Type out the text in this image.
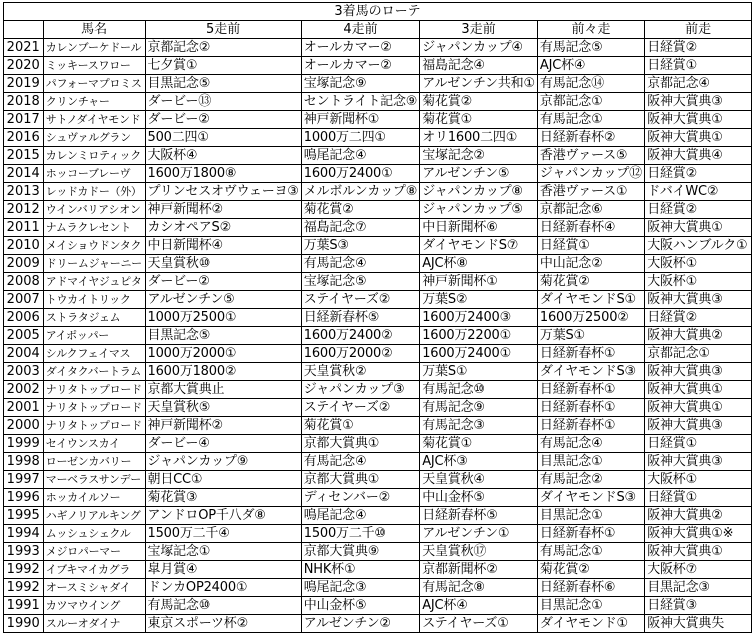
3着馬のローテ						
	馬名	5走前	4走前	3走前	前々走	前走
2021	カレンブーケドール	京都記念②	オールカマー②	ジャパンカップ④	有馬記念⑤	日経賞②
2020	ミッキースワロー	七夕賞①	オールカマー②	福島記念④	AJC杯④	日経賞①
2019	パフォーマプロミス	目黒記念⑤	宝塚記念⑨	アルゼンチン共和①	有馬記念⑭	京都記念④
2018	クリンチャー	ダービー⑬	セントライト記念⑨	菊花賞②	京都記念①	阪神大賞典③
2017	サトノダイヤモンド	ダービー②	神戸新聞杯①	菊花賞①	有馬記念①	阪神大賞典①
2016	シュヴァルグラン	500二四①	1000万二四①	オリ1600二四①	日経新春杯②	阪神大賞典①
2015	カレンミロティック	大阪杯④	鳴尾記念④	宝塚記念②	香港ヴァース⑤	阪神大賞典④
2014	ホッコーブレーヴ	1600万1800⑧	1600万2400①	アルゼンチン⑤	ジャパンカップ⑫	日経賞②
2013	レッドカドー（外）	プリンセスオヴウェーヨ③	メルボルンカップ⑧	ジャパンカップ⑧	香港ヴァース①	ドバイWC②
2012	ウインバリアシオン	神戸新聞杯②	菊花賞②	ジャパンカップ⑤	京都記念⑥	日経賞②
2011	ナムラクレセント	カシオペアS②	福島記念⑦	中日新聞杯⑥	日経新春杯④	阪神大賞典①
2010	メイショウドンタク	中日新聞杯④	万葉S③	ダイヤモンドS⑦	日経賞①	大阪ハンブルク①
2009	ドリームジャーニー	天皇賞秋⑩	有馬記念④	AJC杯⑧	中山記念②	大阪杯①
2008	アドマイヤジュピタ	ダービー②	宝塚記念⑤	神戸新聞杯①	菊花賞②	大阪杯①
2007	トウカイトリック	アルゼンチン⑤	ステイヤーズ②	万葉S②	ダイヤモンドS①	阪神大賞典③
2006	ストラタジェム	1000万2500①	日経新春杯⑤	1600万2400③	1600万2500②	日経賞②
2005	アイポッパー	目黒記念⑤	1600万2400②	1600万2200①	万葉S①	阪神大賞典②
2004	シルクフェイマス	1000万2000①	1600万2000②	1600万2400①	日経新春杯①	京都記念①
2003	ダイタクバートラム	1600万1800②	天皇賞秋②	万葉S①	ダイヤモンドS③	阪神大賞典③
2002	ナリタトップロード	京都大賞典止	ジャパンカップ③	有馬記念⑩	日経新春杯①	阪神大賞典①
2001	ナリタトップロード	天皇賞秋⑤	ステイヤーズ②	有馬記念⑨	日経新春杯①	阪神大賞典①
2000	ナリタトップロード	神戸新聞杯②	菊花賞①	有馬記念③	日経新春杯①	阪神大賞典③
1999	セイウンスカイ	ダービー④	京都大賞典①	菊花賞①	有馬記念④	日経賞①
1998	ローゼンカバリー	ジャパンカップ⑨	有馬記念④	AJC杯③	目黒記念①	阪神大賞典③
1997	マーベラスサンデー	朝日CC①	京都大賞典①	天皇賞秋④	有馬記念②	大阪杯①
1996	ホッカイルソー	菊花賞③	ディセンバー②	中山金杯⑤	ダイヤモンドS③	日経賞①
1995	ハギノリアルキング	アンドロOP千八ダ⑧	鳴尾記念④	日経新春杯⑤	目黒記念①	阪神大賞典②
1994	ムッシュシェクル	1500万二千④	1500万二千⑩	アルゼンチン①	日経新春杯①	阪神大賞典①※
1993	メジロパーマー	宝塚記念①	京都大賞典⑨	天皇賞秋⑰	有馬記念①	阪神大賞典①
1992	イブキマイカグラ	皐月賞④	NHK杯①	京都新聞杯②	菊花賞②	大阪杯⑦
1992	オースミシャダイ	ドンカOP2400①	鳴尾記念③	有馬記念⑧	日経新春杯⑥	目黒記念③
1991	カツマウイング	有馬記念⑩	中山金杯⑤	AJC杯④	目黒記念①	日経賞③
1990	スルーオダイナ	東京スポーツ杯②	アルゼンチン②	ステイヤーズ①	ダイヤモンド①	阪神大賞典失
